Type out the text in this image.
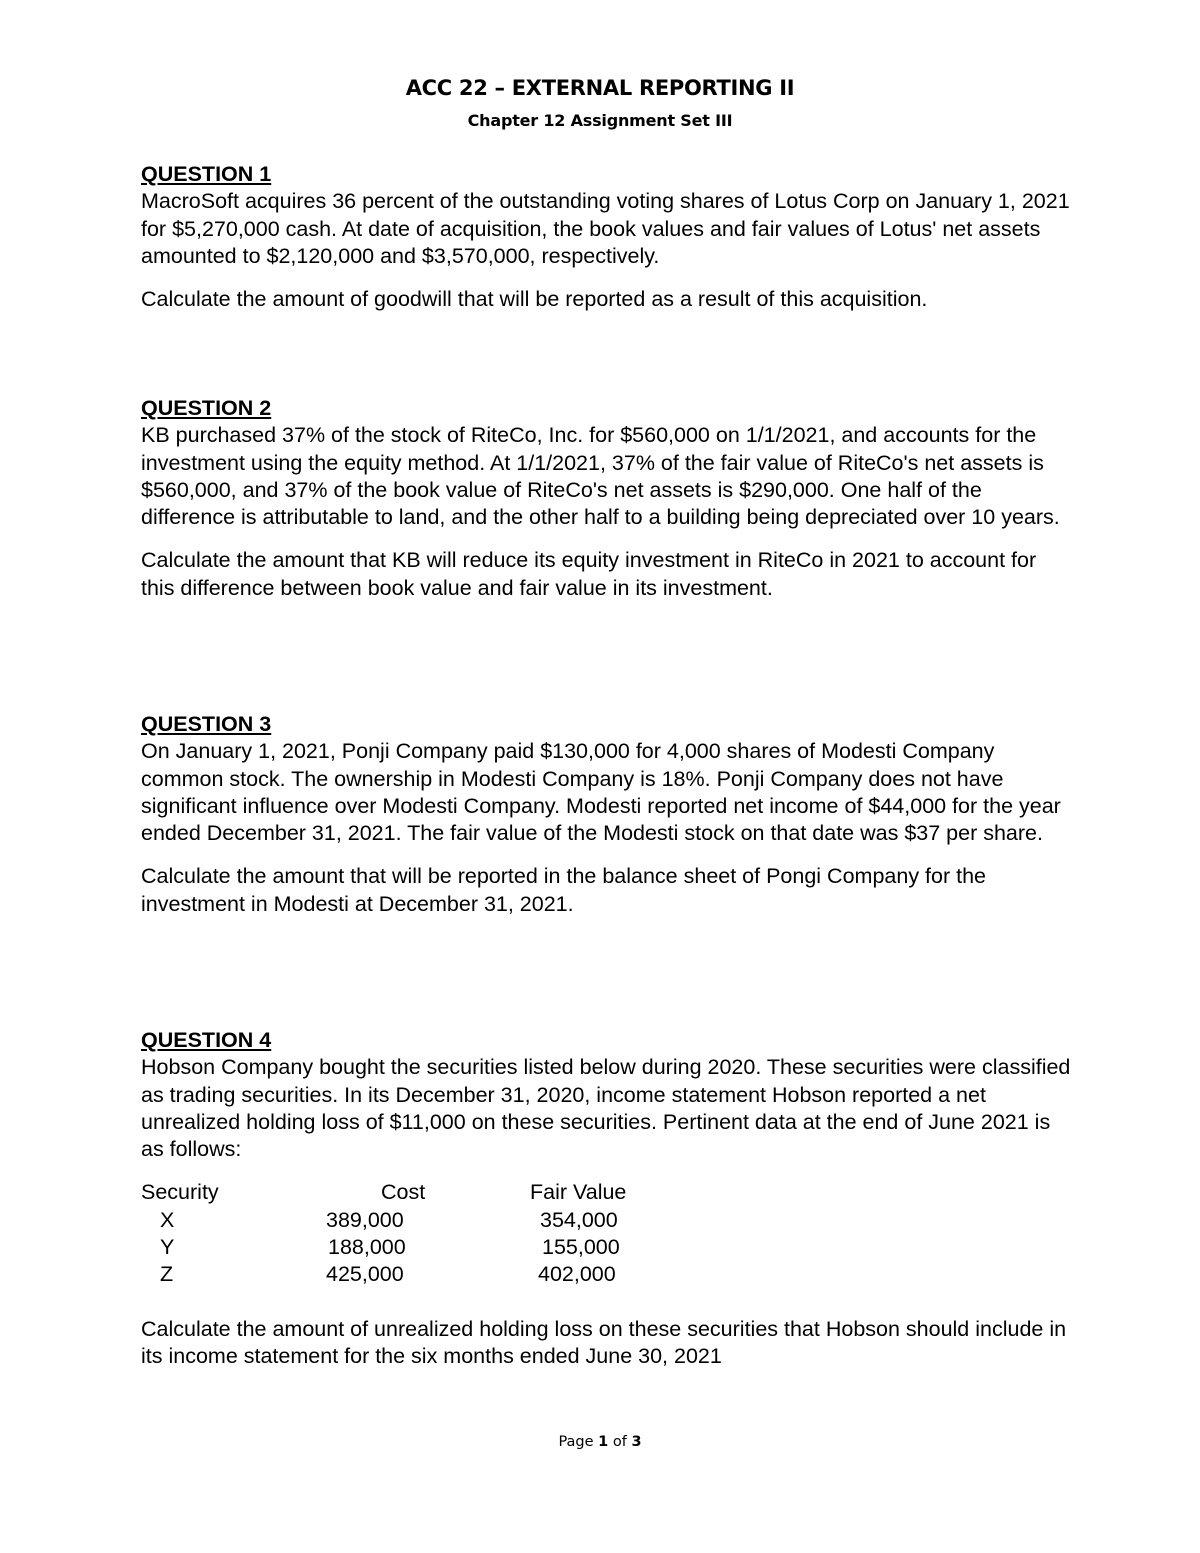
ACC 22 – EXTERNAL REPORTING II
Chapter 12 Assignment Set III

QUESTION 1

MacroSoft acquires 36 percent of the outstanding voting shares of Lotus Corp on January 1, 2021 for $5,270,000 cash. At date of acquisition, the book values and fair values of Lotus' net assets amounted to $2,120,000 and $3,570,000, respectively.

Calculate the amount of goodwill that will be reported as a result of this acquisition.

QUESTION 2

KB purchased 37% of the stock of RiteCo, Inc. for $560,000 on 1/1/2021, and accounts for the investment using the equity method. At 1/1/2021, 37% of the fair value of RiteCo's net assets is $560,000, and 37% of the book value of RiteCo's net assets is $290,000. One half of the difference is attributable to land, and the other half to a building being depreciated over 10 years.

Calculate the amount that KB will reduce its equity investment in RiteCo in 2021 to account for this difference between book value and fair value in its investment.

QUESTION 3

On January 1, 2021, Ponji Company paid $130,000 for 4,000 shares of Modesti Company common stock. The ownership in Modesti Company is 18%. Ponji Company does not have significant influence over Modesti Company. Modesti reported net income of $44,000 for the year ended December 31, 2021. The fair value of the Modesti stock on that date was $37 per share.

Calculate the amount that will be reported in the balance sheet of Pongi Company for the investment in Modesti at December 31, 2021.

QUESTION 4

Hobson Company bought the securities listed below during 2020. These securities were classified as trading securities. In its December 31, 2020, income statement Hobson reported a net unrealized holding loss of $11,000 on these securities. Pertinent data at the end of June 2021 is as follows:

Security	Cost	Fair Value
X	389,000	354,000
Y	188,000	155,000
Z	425,000	402,000

Calculate the amount of unrealized holding loss on these securities that Hobson should include in its income statement for the six months ended June 30, 2021

Page 1 of 3
